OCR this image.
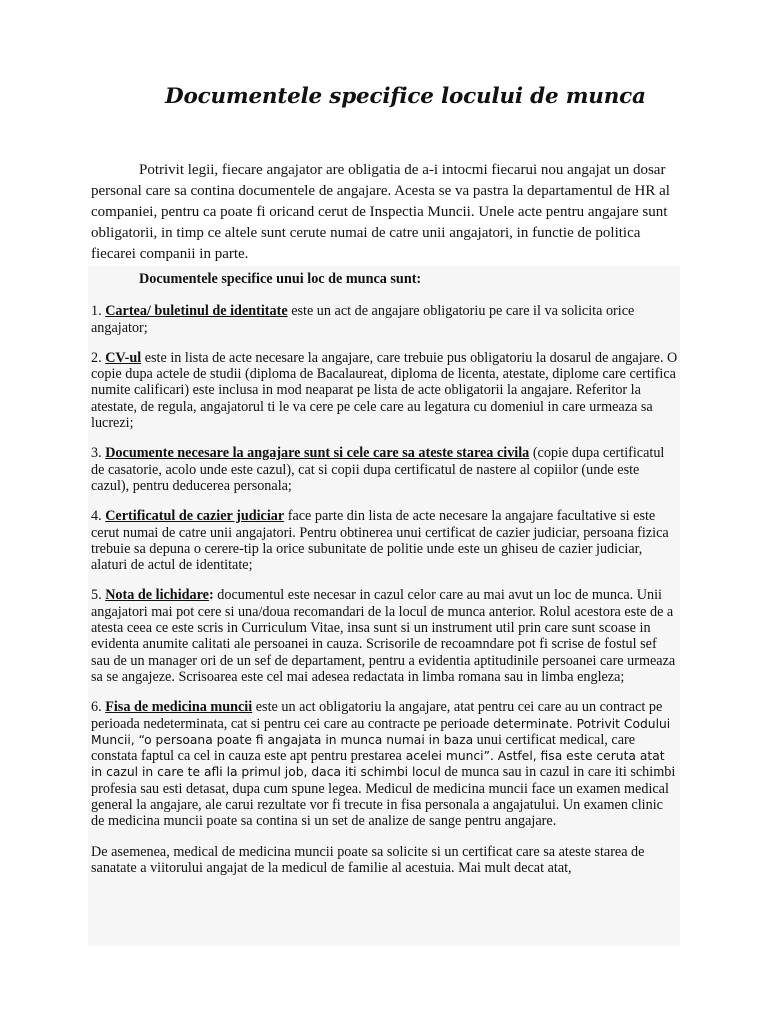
Documentele specifice locului de munca

Potrivit legii, fiecare angajator are obligatia de a-i intocmi fiecarui nou angajat un dosar personal care sa contina documentele de angajare. Acesta se va pastra la departamentul de HR al companiei, pentru ca poate fi oricand cerut de Inspectia Muncii. Unele acte pentru angajare sunt obligatorii, in timp ce altele sunt cerute numai de catre unii angajatori, in functie de politica fiecarei companii in parte.

Documentele specifice unui loc de munca sunt:

1. Cartea/ buletinul de identitate este un act de angajare obligatoriu pe care il va solicita orice angajator;

2. CV-ul este in lista de acte necesare la angajare, care trebuie pus obligatoriu la dosarul de angajare. O copie dupa actele de studii (diploma de Bacalaureat, diploma de licenta, atestate, diplome care certifica numite calificari) este inclusa in mod neaparat pe lista de acte obligatorii la angajare. Referitor la atestate, de regula, angajatorul ti le va cere pe cele care au legatura cu domeniul in care urmeaza sa lucrezi;

3. Documente necesare la angajare sunt si cele care sa ateste starea civila (copie dupa certificatul de casatorie, acolo unde este cazul), cat si copii dupa certificatul de nastere al copiilor (unde este cazul), pentru deducerea personala;

4. Certificatul de cazier judiciar face parte din lista de acte necesare la angajare facultative si este cerut numai de catre unii angajatori. Pentru obtinerea unui certificat de cazier judiciar, persoana fizica trebuie sa depuna o cerere-tip la orice subunitate de politie unde este un ghiseu de cazier judiciar, alaturi de actul de identitate;

5. Nota de lichidare: documentul este necesar in cazul celor care au mai avut un loc de munca. Unii angajatori mai pot cere si una/doua recomandari de la locul de munca anterior. Rolul acestora este de a atesta ceea ce este scris in Curriculum Vitae, insa sunt si un instrument util prin care sunt scoase in evidenta anumite calitati ale persoanei in cauza. Scrisorile de recoamndare pot fi scrise de fostul sef sau de un manager ori de un sef de departament, pentru a evidentia aptitudinile persoanei care urmeaza sa se angajeze. Scrisoarea este cel mai adesea redactata in limba romana sau in limba engleza;

6. Fisa de medicina muncii este un act obligatoriu la angajare, atat pentru cei care au un contract pe perioada nedeterminata, cat si pentru cei care au contracte pe perioade determinate. Potrivit Codului Muncii, “o persoana poate fi angajata in munca numai in baza unui certificat medical, care constata faptul ca cel in cauza este apt pentru prestarea acelei munci”. Astfel, fisa este ceruta atat in cazul in care te afli la primul job, daca iti schimbi locul de munca sau in cazul in care iti schimbi profesia sau esti detasat, dupa cum spune legea. Medicul de medicina muncii face un examen medical general la angajare, ale carui rezultate vor fi trecute in fisa personala a angajatului. Un examen clinic de medicina muncii poate sa contina si un set de analize de sange pentru angajare.

De asemenea, medical de medicina muncii poate sa solicite si un certificat care sa ateste starea de sanatate a viitorului angajat de la medicul de familie al acestuia. Mai mult decat atat,
